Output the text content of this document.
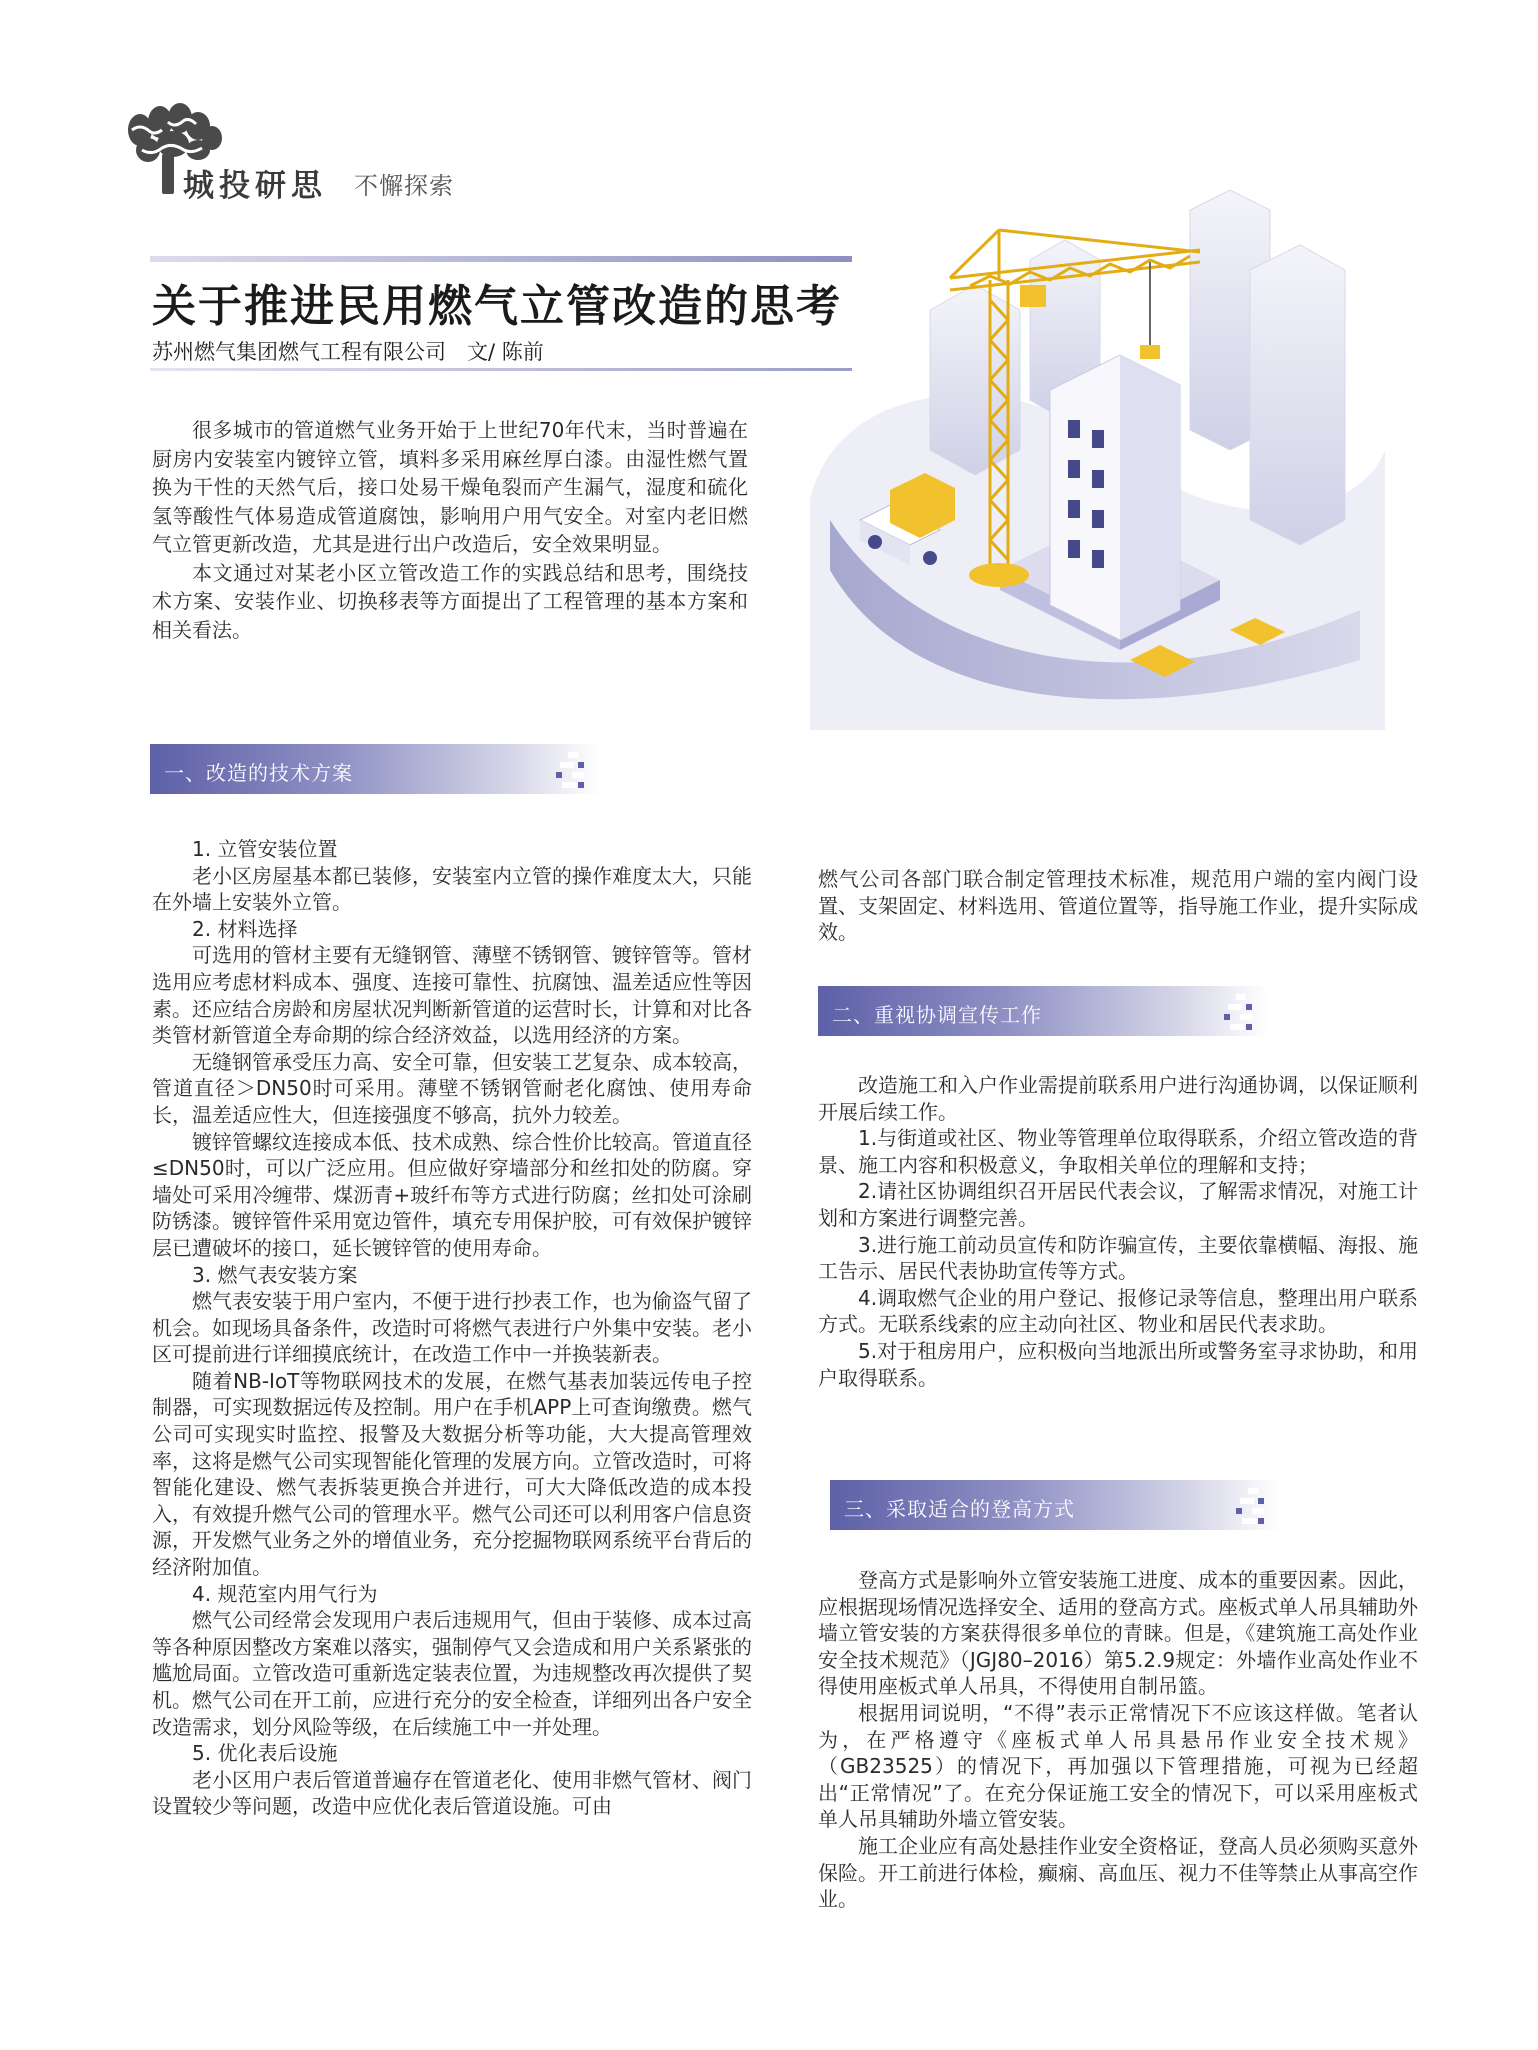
城投研思 不懈探索
关于推进民用燃气立管改造的思考
苏州燃气集团燃气工程有限公司　文/ 陈前

很多城市的管道燃气业务开始于上世纪70年代末，当时普遍在厨房内安装室内镀锌立管，填料多采用麻丝厚白漆。由湿性燃气置换为干性的天然气后，接口处易干燥龟裂而产生漏气，湿度和硫化氢等酸性气体易造成管道腐蚀，影响用户用气安全。对室内老旧燃气立管更新改造，尤其是进行出户改造后，安全效果明显。

本文通过对某老小区立管改造工作的实践总结和思考，围绕技术方案、安装作业、切换移表等方面提出了工程管理的基本方案和相关看法。

一、改造的技术方案

1. 立管安装位置

老小区房屋基本都已装修，安装室内立管的操作难度太大，只能在外墙上安装外立管。

2. 材料选择

可选用的管材主要有无缝钢管、薄壁不锈钢管、镀锌管等。管材选用应考虑材料成本、强度、连接可靠性、抗腐蚀、温差适应性等因素。还应结合房龄和房屋状况判断新管道的运营时长，计算和对比各类管材新管道全寿命期的综合经济效益，以选用经济的方案。

无缝钢管承受压力高、安全可靠，但安装工艺复杂、成本较高，管道直径＞DN50时可采用。薄壁不锈钢管耐老化腐蚀、使用寿命长，温差适应性大，但连接强度不够高，抗外力较差。

镀锌管螺纹连接成本低、技术成熟、综合性价比较高。管道直径≤DN50时，可以广泛应用。但应做好穿墙部分和丝扣处的防腐。穿墙处可采用冷缠带、煤沥青+玻纤布等方式进行防腐；丝扣处可涂刷防锈漆。镀锌管件采用宽边管件，填充专用保护胶，可有效保护镀锌层已遭破坏的接口，延长镀锌管的使用寿命。

3. 燃气表安装方案

燃气表安装于用户室内，不便于进行抄表工作，也为偷盗气留了机会。如现场具备条件，改造时可将燃气表进行户外集中安装。老小区可提前进行详细摸底统计，在改造工作中一并换装新表。

随着NB-IoT等物联网技术的发展，在燃气基表加装远传电子控制器，可实现数据远传及控制。用户在手机APP上可查询缴费。燃气公司可实现实时监控、报警及大数据分析等功能，大大提高管理效率，这将是燃气公司实现智能化管理的发展方向。立管改造时，可将智能化建设、燃气表拆装更换合并进行，可大大降低改造的成本投入，有效提升燃气公司的管理水平。燃气公司还可以利用客户信息资源，开发燃气业务之外的增值业务，充分挖掘物联网系统平台背后的经济附加值。

4. 规范室内用气行为

燃气公司经常会发现用户表后违规用气，但由于装修、成本过高等各种原因整改方案难以落实，强制停气又会造成和用户关系紧张的尴尬局面。立管改造可重新选定装表位置，为违规整改再次提供了契机。燃气公司在开工前，应进行充分的安全检查，详细列出各户安全改造需求，划分风险等级，在后续施工中一并处理。

5. 优化表后设施

老小区用户表后管道普遍存在管道老化、使用非燃气管材、阀门设置较少等问题，改造中应优化表后管道设施。可由

燃气公司各部门联合制定管理技术标准，规范用户端的室内阀门设置、支架固定、材料选用、管道位置等，指导施工作业，提升实际成效。

二、重视协调宣传工作

改造施工和入户作业需提前联系用户进行沟通协调，以保证顺利开展后续工作。

1.与街道或社区、物业等管理单位取得联系，介绍立管改造的背景、施工内容和积极意义，争取相关单位的理解和支持；

2.请社区协调组织召开居民代表会议，了解需求情况，对施工计划和方案进行调整完善。

3.进行施工前动员宣传和防诈骗宣传，主要依靠横幅、海报、施工告示、居民代表协助宣传等方式。

4.调取燃气企业的用户登记、报修记录等信息，整理出用户联系方式。无联系线索的应主动向社区、物业和居民代表求助。

5.对于租房用户，应积极向当地派出所或警务室寻求协助，和用户取得联系。

三、采取适合的登高方式

登高方式是影响外立管安装施工进度、成本的重要因素。因此，应根据现场情况选择安全、适用的登高方式。座板式单人吊具辅助外墙立管安装的方案获得很多单位的青睐。但是，《建筑施工高处作业安全技术规范》（JGJ80–2016）第5.2.9规定：外墙作业高处作业不得使用座板式单人吊具，不得使用自制吊篮。

根据用词说明，“不得”表示正常情况下不应该这样做。笔者认为，在严格遵守《座板式单人吊具悬吊作业安全技术规》（GB23525）的情况下，再加强以下管理措施，可视为已经超出“正常情况”了。在充分保证施工安全的情况下，可以采用座板式单人吊具辅助外墙立管安装。

施工企业应有高处悬挂作业安全资格证，登高人员必须购买意外保险。开工前进行体检，癫痫、高血压、视力不佳等禁止从事高空作业。
